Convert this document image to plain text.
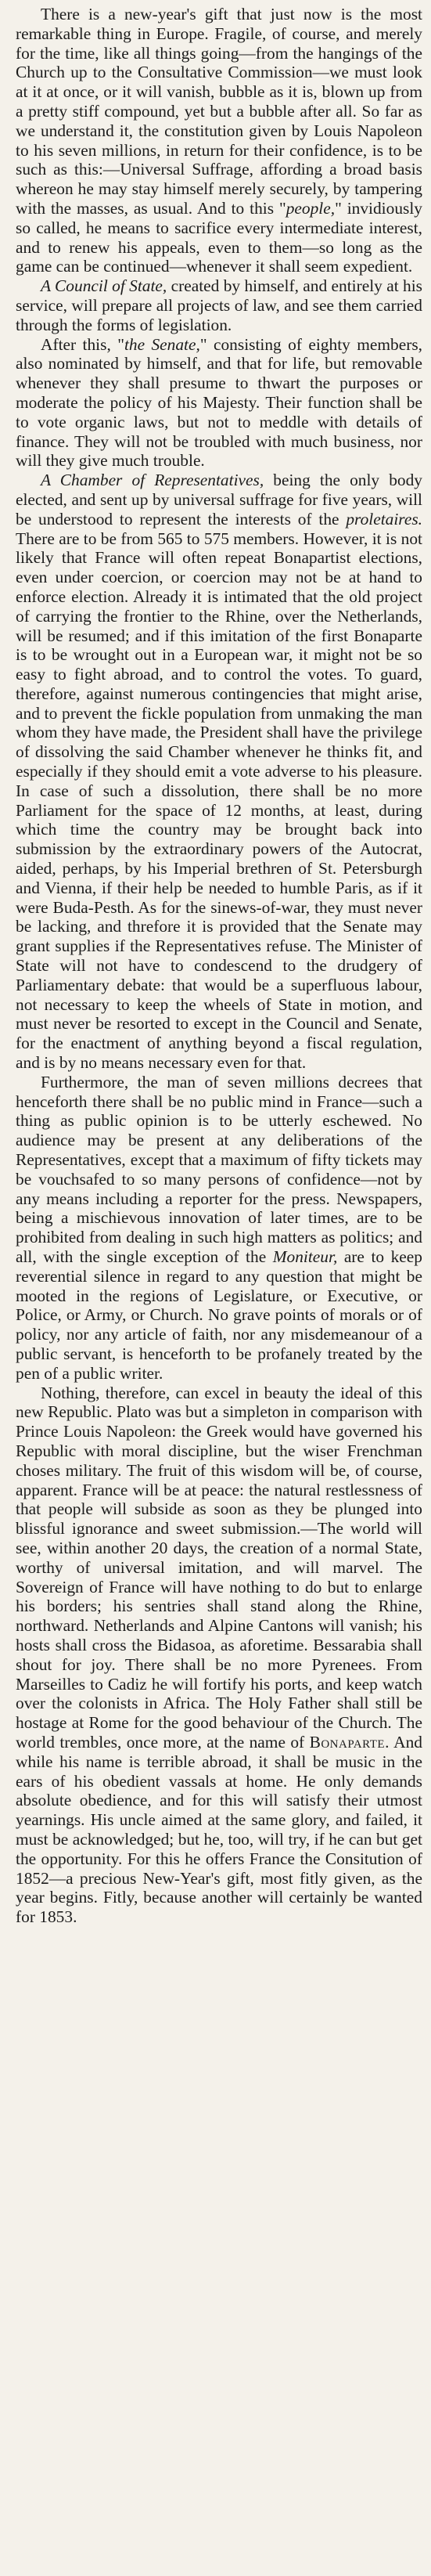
There is a new-year's gift that just now is the most remarkable thing in Europe. Fragile, of course, and merely for the time, like all things going—from the hangings of the Church up to the Consultative Commission—we must look at it at once, or it will vanish, bubble as it is, blown up from a pretty stiff compound, yet but a bubble after all. So far as we understand it, the constitution given by Louis Napoleon to his seven millions, in return for their confidence, is to be such as this:—Universal Suffrage, affording a broad basis whereon he may stay himself merely securely, by tampering with the masses, as usual. And to this "people," invidiously so called, he means to sacrifice every intermediate interest, and to renew his appeals, even to them—so long as the game can be continued—whenever it shall seem expedient.

A Council of State, created by himself, and entirely at his service, will prepare all projects of law, and see them carried through the forms of legislation.

After this, "the Senate," consisting of eighty members, also nominated by himself, and that for life, but removable whenever they shall presume to thwart the purposes or moderate the policy of his Majesty. Their function shall be to vote organic laws, but not to meddle with details of finance. They will not be troubled with much business, nor will they give much trouble.

A Chamber of Representatives, being the only body elected, and sent up by universal suffrage for five years, will be understood to represent the interests of the proletaires. There are to be from 565 to 575 members. However, it is not likely that France will often repeat Bonapartist elections, even under coercion, or coercion may not be at hand to enforce election. Already it is intimated that the old project of carrying the frontier to the Rhine, over the Netherlands, will be resumed; and if this imitation of the first Bonaparte is to be wrought out in a European war, it might not be so easy to fight abroad, and to control the votes. To guard, therefore, against numerous contingencies that might arise, and to prevent the fickle population from unmaking the man whom they have made, the President shall have the privilege of dissolving the said Chamber whenever he thinks fit, and especially if they should emit a vote adverse to his pleasure. In case of such a dissolution, there shall be no more Parliament for the space of 12 months, at least, during which time the country may be brought back into submission by the extraordinary powers of the Autocrat, aided, perhaps, by his Imperial brethren of St. Petersburgh and Vienna, if their help be needed to humble Paris, as if it were Buda-Pesth. As for the sinews-of-war, they must never be lacking, and threfore it is provided that the Senate may grant supplies if the Representatives refuse. The Minister of State will not have to condescend to the drudgery of Parliamentary debate: that would be a superfluous labour, not necessary to keep the wheels of State in motion, and must never be resorted to except in the Council and Senate, for the enactment of anything beyond a fiscal regulation, and is by no means necessary even for that.

Furthermore, the man of seven millions decrees that henceforth there shall be no public mind in France—such a thing as public opinion is to be utterly eschewed. No audience may be present at any deliberations of the Representatives, except that a maximum of fifty tickets may be vouchsafed to so many persons of confidence—not by any means including a reporter for the press. Newspapers, being a mischievous innovation of later times, are to be prohibited from dealing in such high matters as politics; and all, with the single exception of the Moniteur, are to keep reverential silence in regard to any question that might be mooted in the regions of Legislature, or Executive, or Police, or Army, or Church. No grave points of morals or of policy, nor any article of faith, nor any misdemeanour of a public servant, is henceforth to be profanely treated by the pen of a public writer.

Nothing, therefore, can excel in beauty the ideal of this new Republic. Plato was but a simpleton in comparison with Prince Louis Napoleon: the Greek would have governed his Republic with moral discipline, but the wiser Frenchman choses military. The fruit of this wisdom will be, of course, apparent. France will be at peace: the natural restlessness of that people will subside as soon as they be plunged into blissful ignorance and sweet submission.—The world will see, within another 20 days, the creation of a normal State, worthy of universal imitation, and will marvel. The Sovereign of France will have nothing to do but to enlarge his borders; his sentries shall stand along the Rhine, northward. Netherlands and Alpine Cantons will vanish; his hosts shall cross the Bidasoa, as aforetime. Bessarabia shall shout for joy. There shall be no more Pyrenees. From Marseilles to Cadiz he will fortify his ports, and keep watch over the colonists in Africa. The Holy Father shall still be hostage at Rome for the good behaviour of the Church. The world trembles, once more, at the name of Bonaparte. And while his name is terrible abroad, it shall be music in the ears of his obedient vassals at home. He only demands absolute obedience, and for this will satisfy their utmost yearnings. His uncle aimed at the same glory, and failed, it must be acknowledged; but he, too, will try, if he can but get the opportunity. For this he offers France the Consitution of 1852—a precious New-Year's gift, most fitly given, as the year begins. Fitly, because another will certainly be wanted for 1853.
